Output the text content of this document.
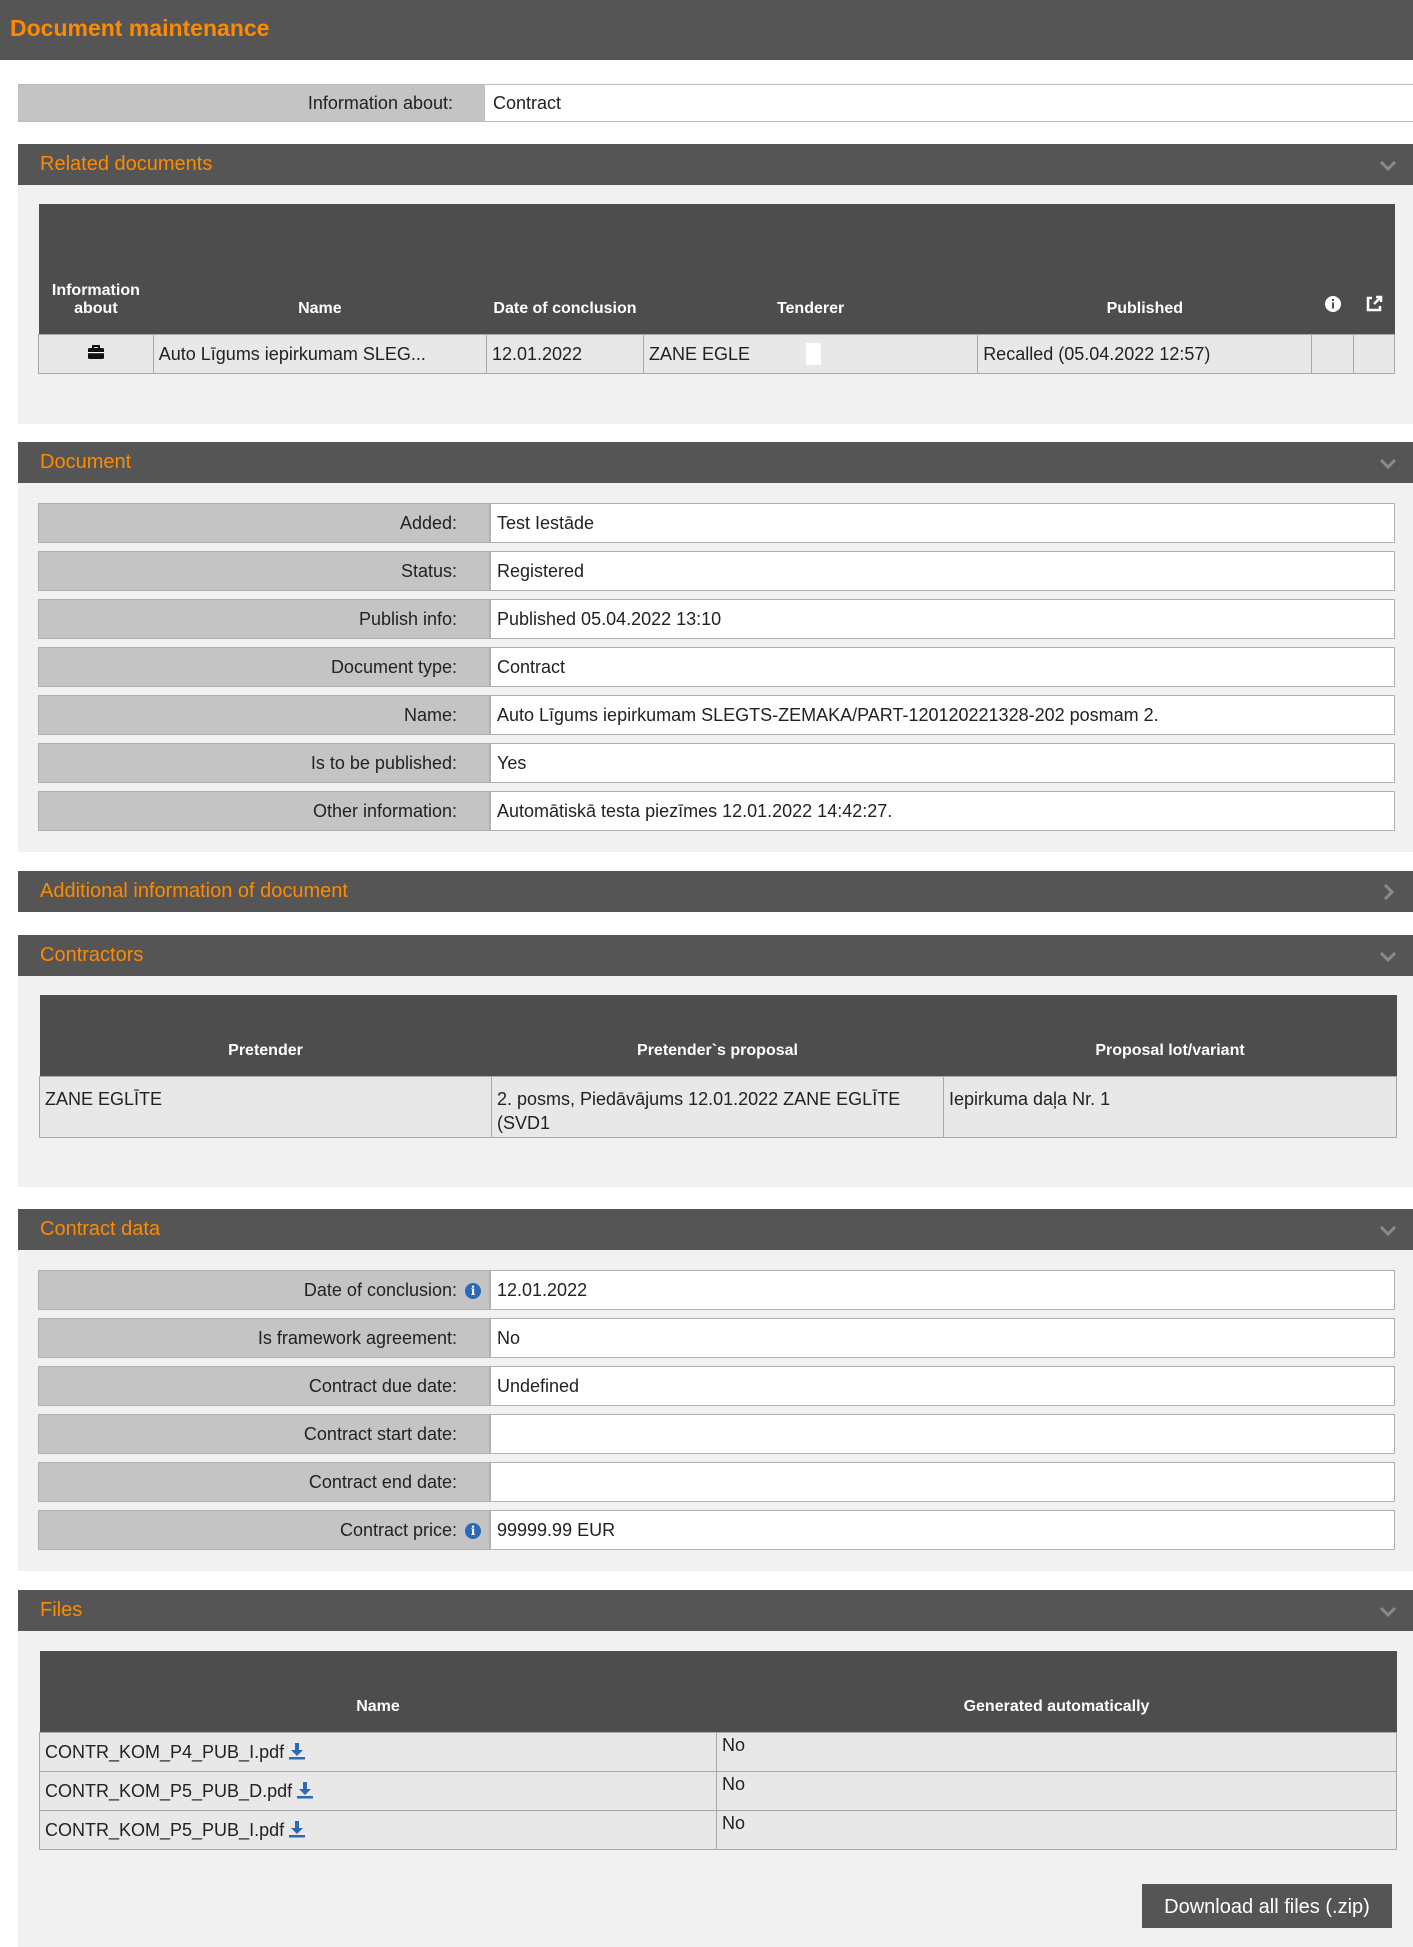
Document maintenance
Information about:	Contract
Related documents
Information about	Name	Date of conclusion	Tenderer	Published		
	Auto Līgums iepirkumam SLEG...	12.01.2022	ZANE EGLE	Recalled (05.04.2022 12:57)		
Document
Added:	Test Iestāde
Status:	Registered
Publish info:	Published 05.04.2022 13:10
Document type:	Contract
Name:	Auto Līgums iepirkumam SLEGTS-ZEMAKA/PART-120120221328-202 posmam 2.
Is to be published:	Yes
Other information:	Automātiskā testa piezīmes 12.01.2022 14:42:27.
Additional information of document
Contractors
Pretender	Pretender`s proposal	Proposal lot/variant
ZANE EGLĪTE	2. posms, Piedāvājums 12.01.2022 ZANE EGLĪTE (SVD1	Iepirkuma daļa Nr. 1
Contract data
Date of conclusion: i	12.01.2022
Is framework agreement:	No
Contract due date:	Undefined
Contract start date:
Contract end date:
Contract price: i	99999.99 EUR
Files
Name	Generated automatically
CONTR_KOM_P4_PUB_I.pdf	No
CONTR_KOM_P5_PUB_D.pdf	No
CONTR_KOM_P5_PUB_I.pdf	No
Download all files (.zip)
